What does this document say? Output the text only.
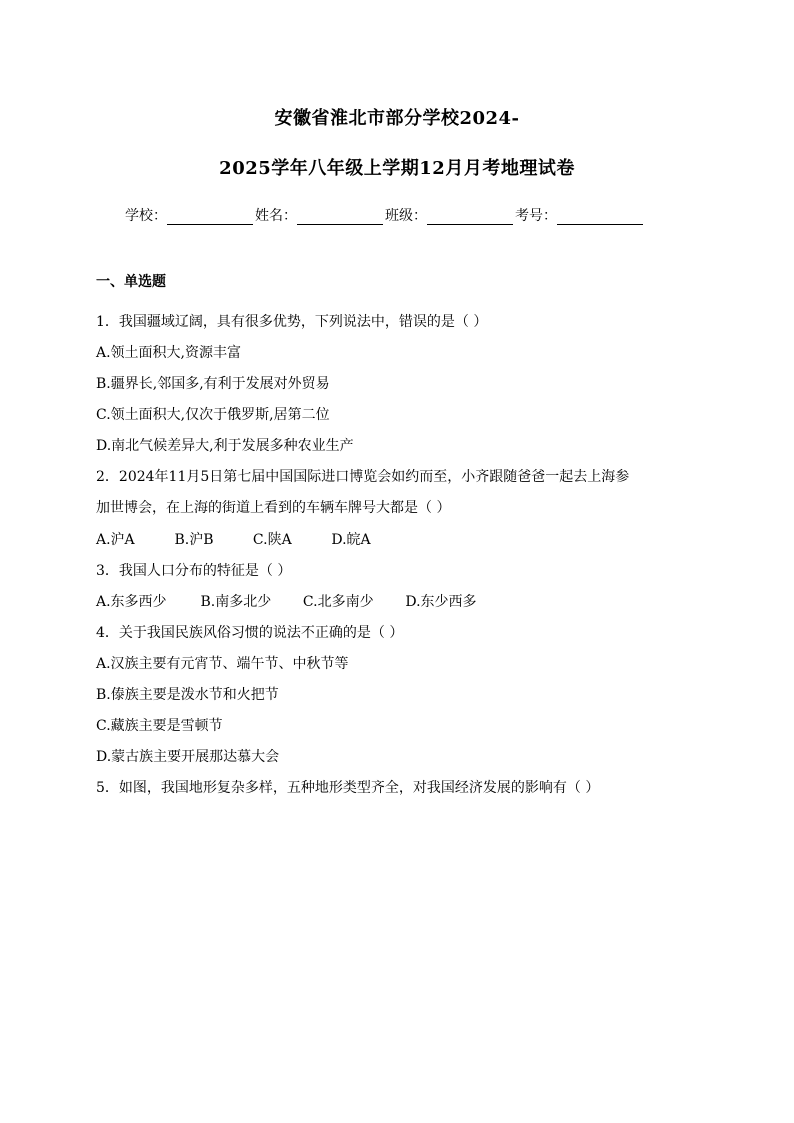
安徽省淮北市部分学校2024-
2025学年八年级上学期12月月考地理试卷
学校：	姓名：	班级：	考号：
一、单选题
1．我国疆域辽阔，具有很多优势，下列说法中，错误的是（ ）
A.领土面积大,资源丰富
B.疆界长,邻国多,有利于发展对外贸易
C.领土面积大,仅次于俄罗斯,居第二位
D.南北气候差异大,利于发展多种农业生产
2．2024年11月5日第七届中国国际进口博览会如约而至，小齐跟随爸爸一起去上海参
加世博会，在上海的街道上看到的车辆车牌号大都是（ ）
A.沪A	B.沪B	C.陕A	D.皖A
3．我国人口分布的特征是（ ）
A.东多西少 B.南多北少 C.北多南少 D.东少西多
4．关于我国民族风俗习惯的说法不正确的是（ ）
A.汉族主要有元宵节、端午节、中秋节等
B.傣族主要是泼水节和火把节
C.藏族主要是雪顿节
D.蒙古族主要开展那达慕大会
5．如图，我国地形复杂多样，五种地形类型齐全，对我国经济发展的影响有（ ）
